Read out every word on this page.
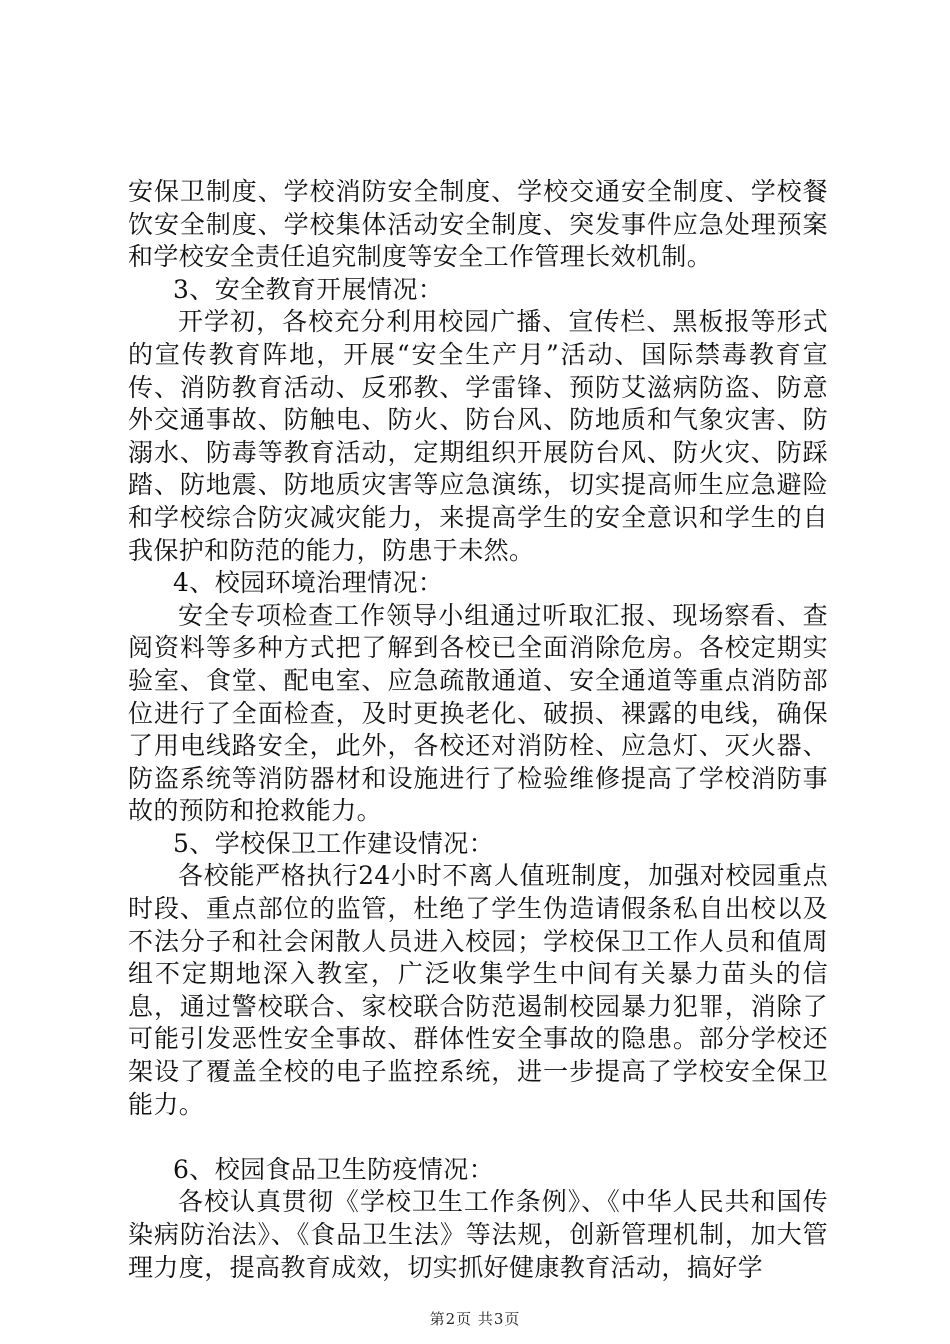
安保卫制度、学校消防安全制度、学校交通安全制度、学校餐饮安全制度、学校集体活动安全制度、突发事件应急处理预案和学校安全责任追究制度等安全工作管理长效机制。

3、安全教育开展情况：

开学初，各校充分利用校园广播、宣传栏、黑板报等形式的宣传教育阵地，开展“安全生产月”活动、国际禁毒教育宣传、消防教育活动、反邪教、学雷锋、预防艾滋病防盗、防意外交通事故、防触电、防火、防台风、防地质和气象灾害、防溺水、防毒等教育活动，定期组织开展防台风、防火灾、防踩踏、防地震、防地质灾害等应急演练，切实提高师生应急避险和学校综合防灾减灾能力，来提高学生的安全意识和学生的自我保护和防范的能力，防患于未然。

4、校园环境治理情况：

安全专项检查工作领导小组通过听取汇报、现场察看、查阅资料等多种方式把了解到各校已全面消除危房。各校定期实验室、食堂、配电室、应急疏散通道、安全通道等重点消防部位进行了全面检查，及时更换老化、破损、裸露的电线，确保了用电线路安全，此外，各校还对消防栓、应急灯、灭火器、防盗系统等消防器材和设施进行了检验维修提高了学校消防事故的预防和抢救能力。

5、学校保卫工作建设情况：

各校能严格执行24小时不离人值班制度，加强对校园重点时段、重点部位的监管，杜绝了学生伪造请假条私自出校以及不法分子和社会闲散人员进入校园；学校保卫工作人员和值周组不定期地深入教室，广泛收集学生中间有关暴力苗头的信息，通过警校联合、家校联合防范遏制校园暴力犯罪，消除了可能引发恶性安全事故、群体性安全事故的隐患。部分学校还架设了覆盖全校的电子监控系统，进一步提高了学校安全保卫能力。

6、校园食品卫生防疫情况：

各校认真贯彻《学校卫生工作条例》、《中华人民共和国传染病防治法》、《食品卫生法》等法规，创新管理机制，加大管理力度，提高教育成效，切实抓好健康教育活动，搞好学

第2页 共3页
